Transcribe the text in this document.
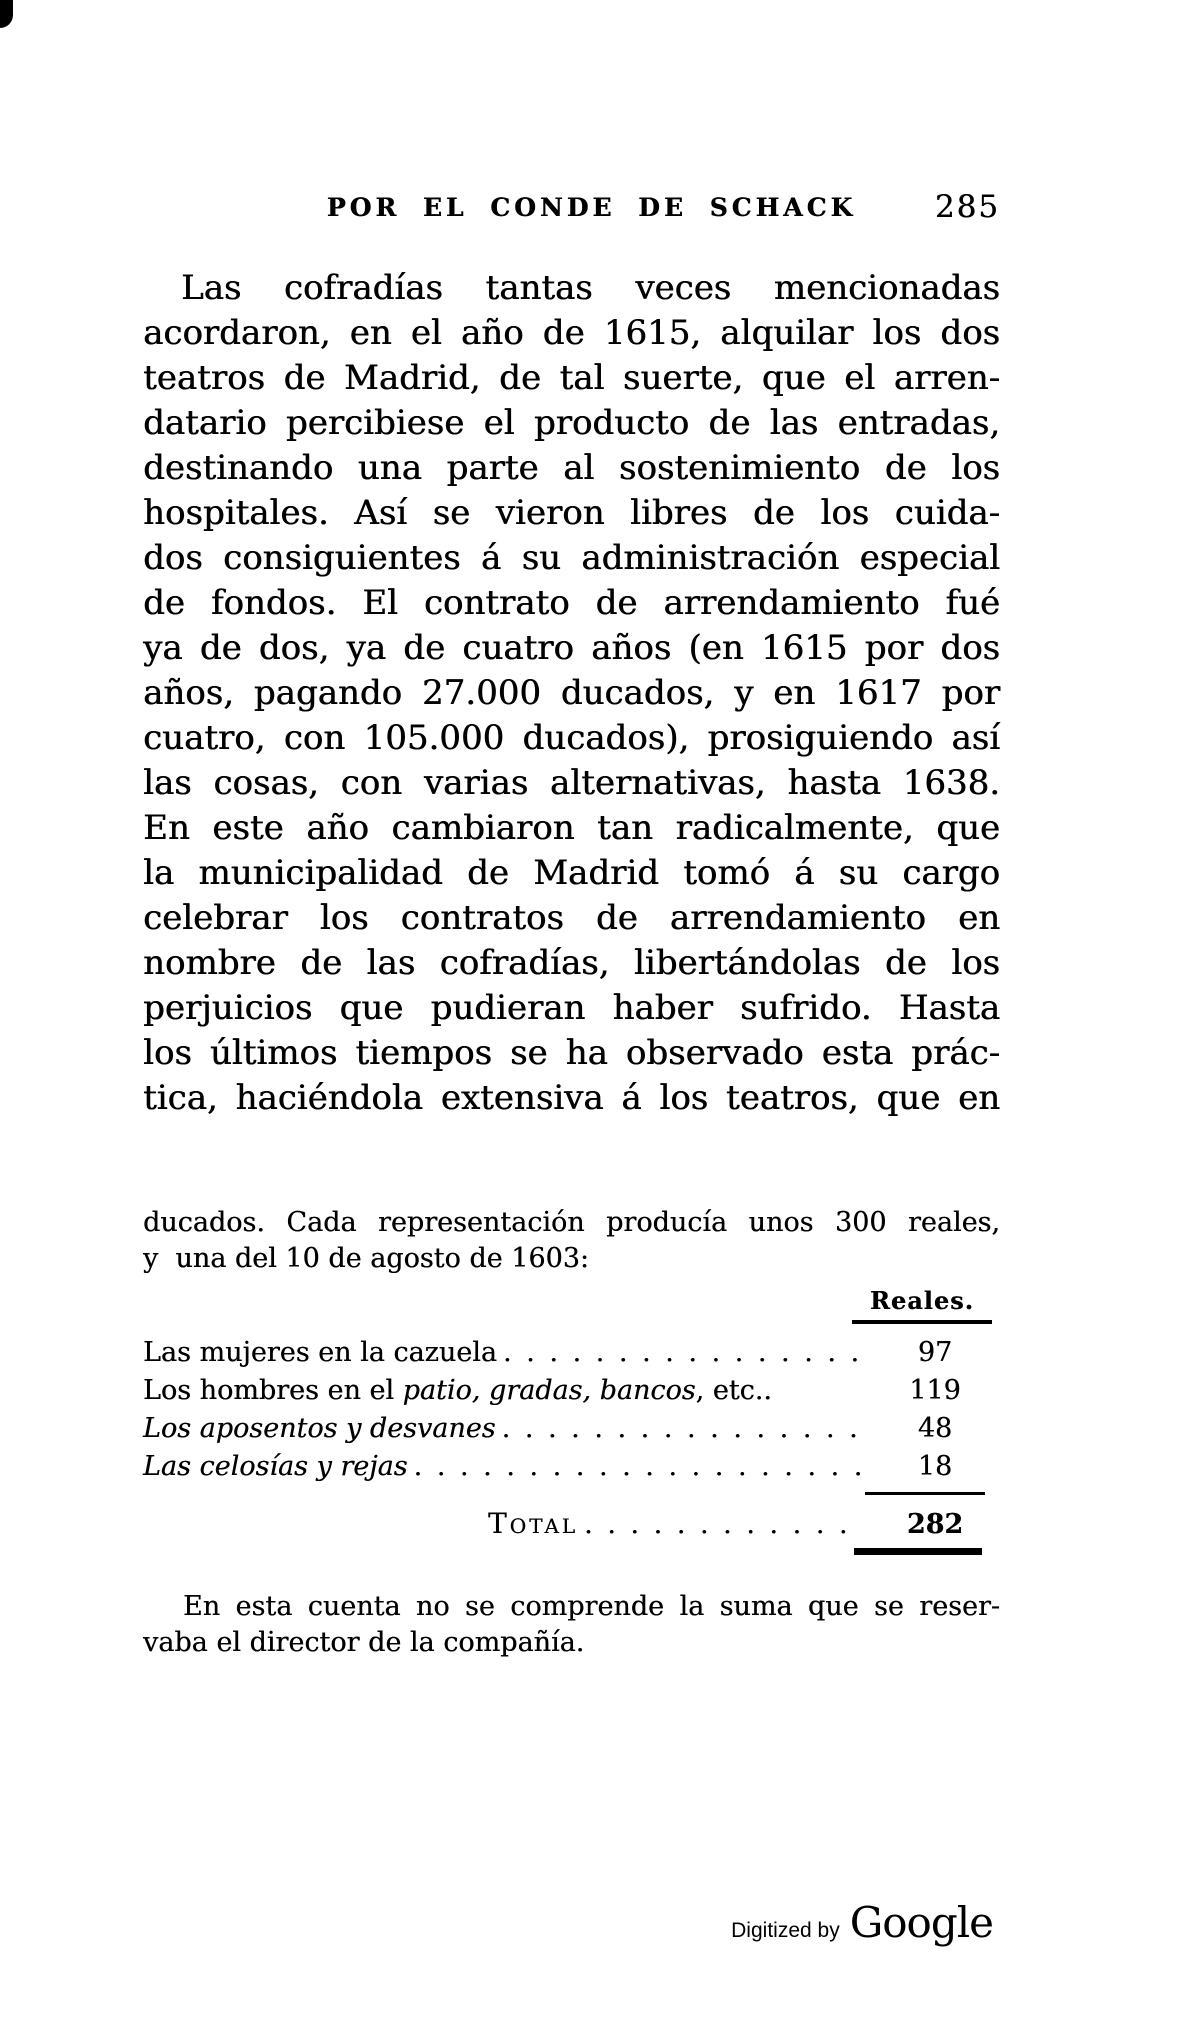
POR EL CONDE DE SCHACK	285
Las cofradías tantas veces mencionadas
acordaron, en el año de 1615, alquilar los dos
teatros de Madrid, de tal suerte, que el arren-
datario percibiese el producto de las entradas,
destinando una parte al sostenimiento de los
hospitales. Así se vieron libres de los cuida-
dos consiguientes á su administración especial
de fondos. El contrato de arrendamiento fué
ya de dos, ya de cuatro años (en 1615 por dos
años, pagando 27.000 ducados, y en 1617 por
cuatro, con 105.000 ducados), prosiguiendo así
las cosas, con varias alternativas, hasta 1638.
En este año cambiaron tan radicalmente, que
la municipalidad de Madrid tomó á su cargo
celebrar los contratos de arrendamiento en
nombre de las cofradías, libertándolas de los
perjuicios que pudieran haber sufrido. Hasta
los últimos tiempos se ha observado esta prác-
tica, haciéndola extensiva á los teatros, que en
ducados. Cada representación producía unos 300 reales,
y  una del 10 de agosto de 1603:
Reales.
Las mujeres en la cazuela . . .	97
Los hombres en el patio, gradas, bancos, etc..	119
Los aposentos y desvanes . . .	48
Las celosías y rejas . . .	18
Total . . .	282
En esta cuenta no se comprende la suma que se reser-
vaba el director de la compañía.
Digitized by Google
